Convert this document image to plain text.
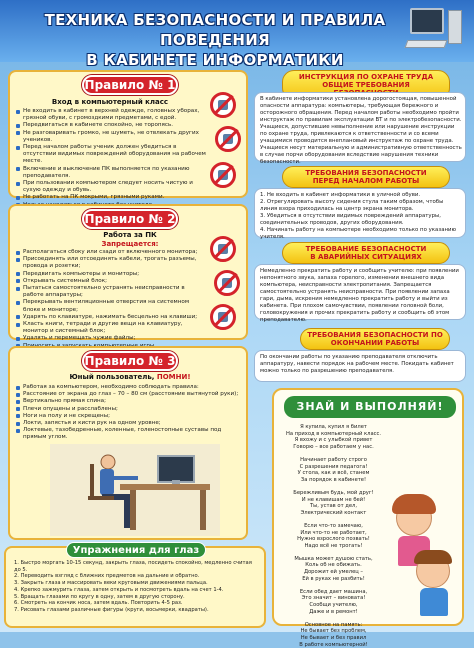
ТЕХНИКА БЕЗОПАСНОСТИ И ПРАВИЛА ПОВЕДЕНИЯ
В КАБИНЕТЕ ИНФОРМАТИКИ
Правило № 1
Вход в компьютерный класс
Не входить в кабинет в верхней одежде, головных уборах, грязной обуви, с громоздкими предметами, с едой.
Передвигаться в кабинете спокойно, не торопясь.
Не разговаривать громко, не шуметь, не отвлекать других учеников.
Перед началом работы ученик должен убедиться в отсутствии видимых повреждений оборудования на рабочем месте.
Включение и выключение ПК выполняется по указанию преподавателя.
При пользовании компьютером следует носить чистую и сухую одежду и обувь.
Не работать на ПК мокрыми, грязными руками.
Правило № 2
Работа за ПК
Запрещается:
Располагаться сбоку или сзади от включенного монитора;
Присоединять или отсоединять кабели, трогать разъемы, провода и розетки;
Передвигать компьютеры и мониторы;
Открывать системный блок;
Пытаться самостоятельно устранять неисправности в работе аппаратуры;
Перекрывать вентиляционные отверстия на системном блоке и мониторе;
Ударять по клавиатуре, нажимать бесцельно на клавиши;
Класть книги, тетради и другие вещи на клавиатуру, монитор и системный блок;
Удалять и перемещать чужие файлы;
Правило № 3
Юный пользователь, ПОМНИ!
Работая за компьютером, необходимо соблюдать правила:
Расстояние от экрана до глаз – 70 – 80 см (расстояние вытянутой руки);
Вертикально прямая спина;
Плечи опущены и расслаблены;
Ноги на полу и не скрещены;
Локти, запястья и кисти рук на одном уровне;
Локтевые, тазобедренные, коленные, голеностопные суставы под прямым углом.
ИНСТРУКЦИЯ ПО ОХРАНЕ ТРУДА
ОБЩИЕ ТРЕБОВАНИЯ
В кабинете информатики установлена дорогостоящая, повышенной опасности аппаратура: компьютеры, требующая бережного и осторожного обращения. Перед началом работы необходимо пройти инструктаж по правилам эксплуатации ВТ и по электробезопасности. Учащиеся, допустившие невыполнение или нарушение инструкции по охране труда, привлекаются к ответственности и со всеми учащимися проводится внеплановый инструктаж по охране труда. Учащиеся несут материальную и административную ответственность в случае порчи оборудования вследствие нарушения техники безопасности.
ТРЕБОВАНИЯ БЕЗОПАСНОСТИ
ПЕРЕД НАЧАЛОМ РАБОТЫ
1. Не входить в кабинет информатики в уличной обуви.
2. Отрегулировать высоту сидения стула таким образом, чтобы линия взора приходилась на центр экрана монитора.
3. Убедиться в отсутствии видимых повреждений аппаратуры, соединительных проводов, других оборудования.
4. Начинать работу на компьютере необходимо только по указанию учителя.
ТРЕБОВАНИЕ БЕЗОПАСНОСТИ
В АВАРИЙНЫХ СИТУАЦИЯХ
Немедленно прекратить работу и сообщить учителю: при появлении непонятного звука, запаха горелого, изменении внешнего вида компьютера, неисправности электропитания. Запрещается самостоятельно устранять неисправности. При появлении запаха гари, дыма, искрения немедленно прекратить работу и выйти из кабинета. При плохом самочувствии, появлении головной боли, головокружения и прочих прекратить работу и сообщить об этом преподавателю.
ТРЕБОВАНИЯ БЕЗОПАСНОСТИ ПО
ОКОНЧАНИИ РАБОТЫ
По окончании работы по указанию преподавателя отключить аппаратуру, навести порядок на рабочем месте. Покидать кабинет можно только по разрешению преподавателя.
ЗНАЙ И ВЫПОЛНЯЙ!
Я купила, купил я билет
На приход в компьютерный класс.
Я вхожу и с улыбкой привет
Говорю – все работаем у нас.

Начинает работу строго
С разрешения педагога!
У стола, как и всё, станем
За порядок в кабинете!

Бережливым будь, мой друг!
И не клавишам не бей!
Ты, устав от дел,
Электрический контакт

Если что-то замечаю,
Или что-то не работает,
Нужно взрослого позвать!
Надо всё не трогать!

Мышка может душою стать,
Коль об не обижать.
Дорожит ей умелец –
Ей в руках не разбить!

Если обед дает машина,
Это значит – виновата!
Сообщи учителю,
Даже и в ремонт!

Основное на память:
Не бывает без проблем,
Не бывает и без правил
В работе компьютерной!
Упражнения для глаз
1. Быстро моргать 10-15 секунд, закрыть глаза, посидеть спокойно, медленно считая до 5.
2. Переводить взгляд с ближних предметов на дальние и обратно.
3. Закрыть глаза и массировать веки круговыми движениями пальца.
4. Крепко зажмурить глаза, затем открыть и посмотреть вдаль на счет 1-4.
5. Вращать глазами по кругу в одну, затем в другую сторону.
6. Смотреть на кончик носа, затем вдаль. Повторить 4-5 раз.
7. Рисовать глазами различные фигуры (круги, восьмерки, квадраты).
